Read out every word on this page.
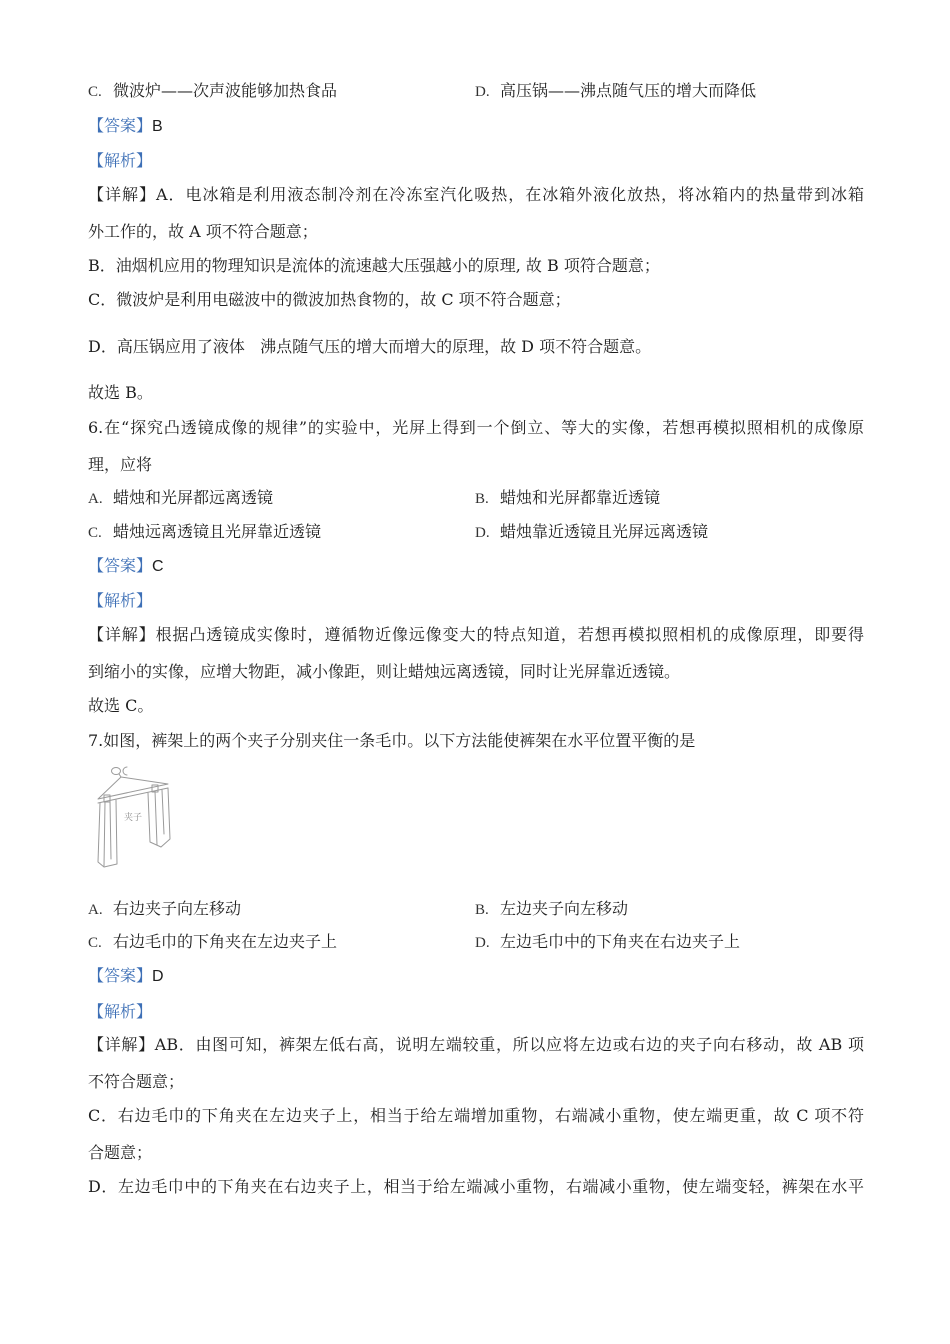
C. 微波炉——次声波能够加热食品	D. 高压锅——沸点随气压的增大而降低
【答案】B
【解析】
【详解】A．电冰箱是利用液态制冷剂在冷冻室汽化吸热，在冰箱外液化放热，将冰箱内的热量带到冰箱
外工作的，故 A 项不符合题意；
B．油烟机应用的物理知识是流体的流速越大压强越小的原理, 故 B 项符合题意；
C．微波炉是利用电磁波中的微波加热食物的，故 C 项不符合题意；
D．高压锅应用了液体   沸点随气压的增大而增大的原理，故 D 项不符合题意。
故选 B。
6.在“探究凸透镜成像的规律”的实验中，光屏上得到一个倒立、等大的实像，若想再模拟照相机的成像原
理，应将
A. 蜡烛和光屏都远离透镜	B. 蜡烛和光屏都靠近透镜
C. 蜡烛远离透镜且光屏靠近透镜	D. 蜡烛靠近透镜且光屏远离透镜
【答案】C
【解析】
【详解】根据凸透镜成实像时，遵循物近像远像变大的特点知道，若想再模拟照相机的成像原理，即要得
到缩小的实像，应增大物距，减小像距，则让蜡烛远离透镜，同时让光屏靠近透镜。
故选 C。
7.如图，裤架上的两个夹子分别夹住一条毛巾。以下方法能使裤架在水平位置平衡的是
夹子
A. 右边夹子向左移动	B. 左边夹子向左移动
C. 右边毛巾的下角夹在左边夹子上	D. 左边毛巾中的下角夹在右边夹子上
【答案】D
【解析】
【详解】AB．由图可知，裤架左低右高，说明左端较重，所以应将左边或右边的夹子向右移动，故 AB 项
不符合题意；
C．右边毛巾的下角夹在左边夹子上，相当于给左端增加重物，右端减小重物，使左端更重，故 C 项不符
合题意；
D．左边毛巾中的下角夹在右边夹子上，相当于给左端减小重物，右端减小重物，使左端变轻，裤架在水平
